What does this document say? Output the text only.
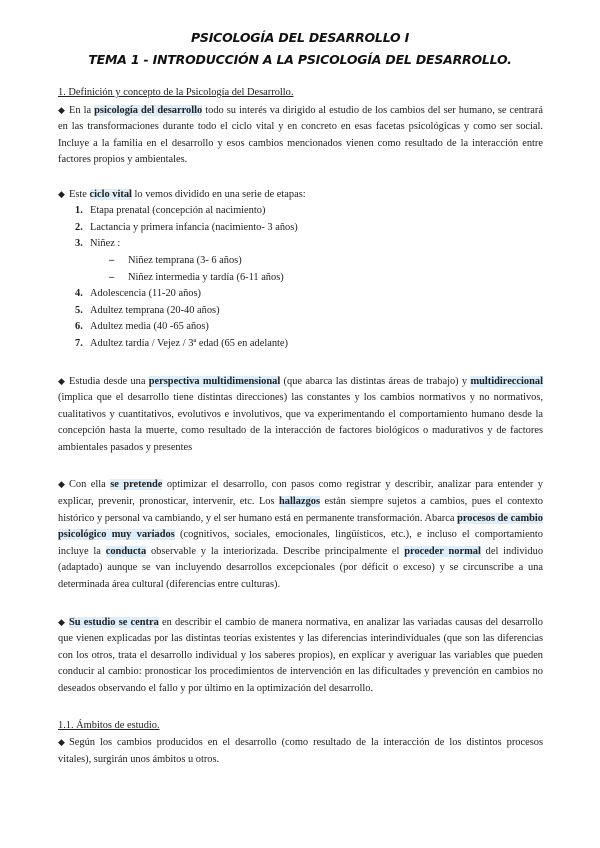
PSICOLOGÍA DEL DESARROLLO I
TEMA 1 - INTRODUCCIÓN A LA PSICOLOGÍA DEL DESARROLLO.
1. Definición y concepto de la Psicología del Desarrollo.

◆ En la psicología del desarrollo todo su interés va dirigido al estudio de los cambios del ser humano, se centrará en las transformaciones durante todo el ciclo vital y en concreto en esas facetas psicológicas y como ser social. Incluye a la familia en el desarrollo y esos cambios mencionados vienen como resultado de la interacción entre factores propios y ambientales.

◆ Este ciclo vital lo vemos dividido en una serie de etapas:

1. Etapa prenatal (concepción al nacimiento)
2. Lactancia y primera infancia (nacimiento- 3 años)
3. Niñez :
– Niñez temprana (3- 6 años)
– Niñez intermedia y tardía (6-11 años)
4. Adolescencia (11-20 años)
5. Adultez temprana (20-40 años)
6. Adultez media (40 -65 años)
7. Adultez tardía / Vejez / 3ª edad (65 en adelante)

◆ Estudia desde una perspectiva multidimensional (que abarca las distintas áreas de trabajo) y multidireccional (implica que el desarrollo tiene distintas direcciones) las constantes y los cambios normativos y no normativos, cualitativos y cuantitativos, evolutivos e involutivos, que va experimentando el comportamiento humano desde la concepción hasta la muerte, como resultado de la interacción de factores biológicos o madurativos y de factores ambientales pasados y presentes

◆ Con ella se pretende optimizar el desarrollo, con pasos como registrar y describir, analizar para entender y explicar, prevenir, pronosticar, intervenir, etc. Los hallazgos están siempre sujetos a cambios, pues el contexto histórico y personal va cambiando, y el ser humano está en permanente transformación. Abarca procesos de cambio psicológico muy variados (cognitivos, sociales, emocionales, lingüísticos, etc.), e incluso el comportamiento incluye la conducta observable y la interiorizada. Describe principalmente el proceder normal del individuo (adaptado) aunque se van incluyendo desarrollos excepcionales (por déficit o exceso) y se circunscribe a una determinada área cultural (diferencias entre culturas).

◆ Su estudio se centra en describir el cambio de manera normativa, en analizar las variadas causas del desarrollo que vienen explicadas por las distintas teorías existentes y las diferencias interindividuales (que son las diferencias con los otros, trata el desarrollo individual y los saberes propios), en explicar y averiguar las variables que pueden conducir al cambio: pronosticar los procedimientos de intervención en las dificultades y prevención en cambios no deseados observando el fallo y por último en la optimización del desarrollo.

1.1. Ámbitos de estudio.

◆ Según los cambios producidos en el desarrollo (como resultado de la interacción de los distintos procesos vitales), surgirán unos ámbitos u otros.
